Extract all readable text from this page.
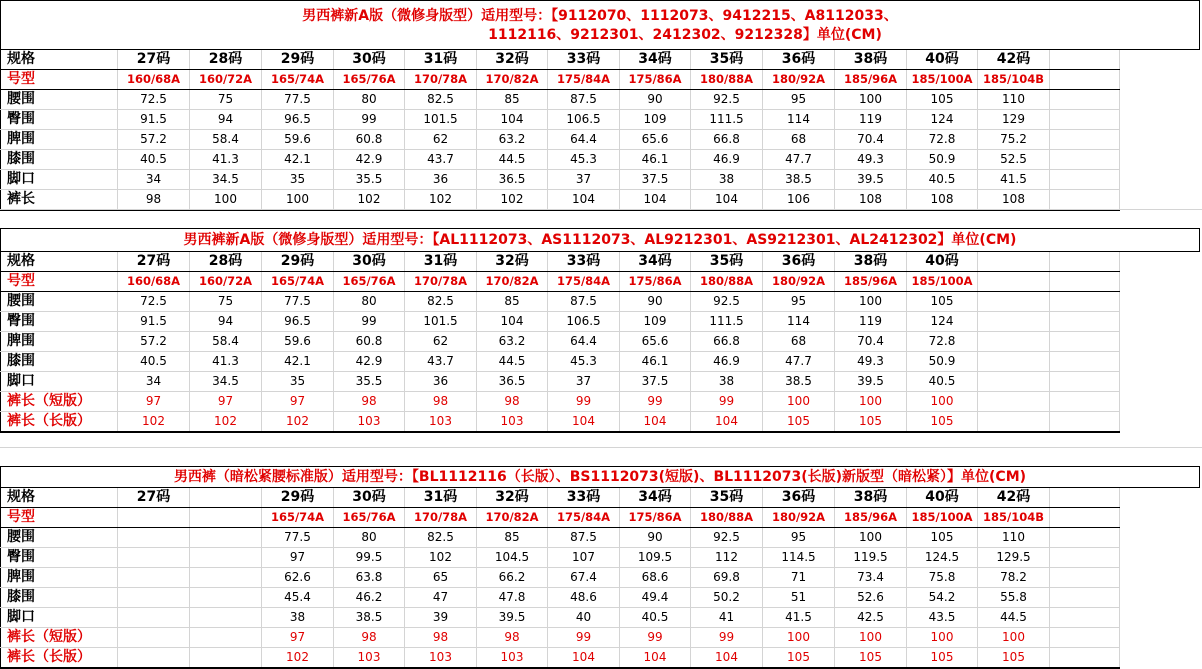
男西裤新A版（微修身版型）适用型号：【9112070、1112073、9412215、A8112033、
1112116、9212301、2412302、9212328】单位(CM)
规格	27码	28码	29码	30码	31码	32码	33码	34码	35码	36码	38码	40码	42码	
号型	160/68A	160/72A	165/74A	165/76A	170/78A	170/82A	175/84A	175/86A	180/88A	180/92A	185/96A	185/100A	185/104B	
腰围	72.5	75	77.5	80	82.5	85	87.5	90	92.5	95	100	105	110	
臀围	91.5	94	96.5	99	101.5	104	106.5	109	111.5	114	119	124	129	
脾围	57.2	58.4	59.6	60.8	62	63.2	64.4	65.6	66.8	68	70.4	72.8	75.2	
膝围	40.5	41.3	42.1	42.9	43.7	44.5	45.3	46.1	46.9	47.7	49.3	50.9	52.5	
脚口	34	34.5	35	35.5	36	36.5	37	37.5	38	38.5	39.5	40.5	41.5	
裤长	98	100	100	102	102	102	104	104	104	106	108	108	108	
男西裤新A版（微修身版型）适用型号：【AL1112073、AS1112073、AL9212301、AS9212301、AL2412302】单位(CM)
规格	27码	28码	29码	30码	31码	32码	33码	34码	35码	36码	38码	40码		
号型	160/68A	160/72A	165/74A	165/76A	170/78A	170/82A	175/84A	175/86A	180/88A	180/92A	185/96A	185/100A		
腰围	72.5	75	77.5	80	82.5	85	87.5	90	92.5	95	100	105		
臀围	91.5	94	96.5	99	101.5	104	106.5	109	111.5	114	119	124		
脾围	57.2	58.4	59.6	60.8	62	63.2	64.4	65.6	66.8	68	70.4	72.8		
膝围	40.5	41.3	42.1	42.9	43.7	44.5	45.3	46.1	46.9	47.7	49.3	50.9		
脚口	34	34.5	35	35.5	36	36.5	37	37.5	38	38.5	39.5	40.5		
裤长（短版）	97	97	97	98	98	98	99	99	99	100	100	100		
裤长（长版）	102	102	102	103	103	103	104	104	104	105	105	105		
男西裤（暗松紧腰标准版）适用型号：【BL1112116（长版）、BS1112073(短版)、BL1112073(长版)新版型（暗松紧）】单位(CM)
规格	27码		29码	30码	31码	32码	33码	34码	35码	36码	38码	40码	42码	
号型			165/74A	165/76A	170/78A	170/82A	175/84A	175/86A	180/88A	180/92A	185/96A	185/100A	185/104B	
腰围			77.5	80	82.5	85	87.5	90	92.5	95	100	105	110	
臀围			97	99.5	102	104.5	107	109.5	112	114.5	119.5	124.5	129.5	
脾围			62.6	63.8	65	66.2	67.4	68.6	69.8	71	73.4	75.8	78.2	
膝围			45.4	46.2	47	47.8	48.6	49.4	50.2	51	52.6	54.2	55.8	
脚口			38	38.5	39	39.5	40	40.5	41	41.5	42.5	43.5	44.5	
裤长（短版）			97	98	98	98	99	99	99	100	100	100	100	
裤长（长版）			102	103	103	103	104	104	104	105	105	105	105	
